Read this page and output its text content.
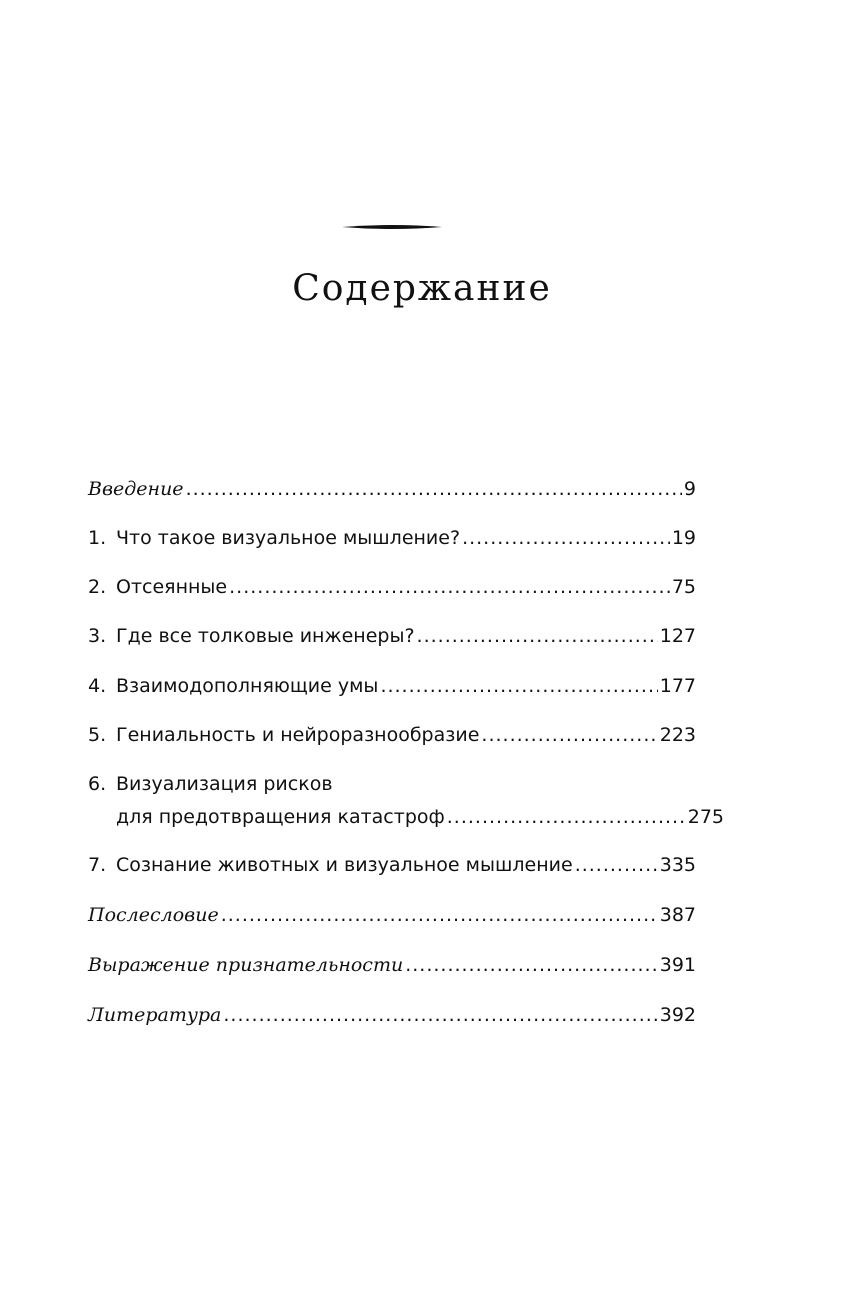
Содержание
Введение .....	9
1. Что такое визуальное мышление? .....	19
2. Отсеянные .....	75
3. Где все толковые инженеры? .....	127
4. Взаимодополняющие умы .....	177
5. Гениальность и нейроразнообразие .....	223
6. Визуализация рисков
для предотвращения катастроф .....	275
7. Сознание животных и визуальное мышление .....	335
Послесловие .....	387
Выражение признательности .....	391
Литература .....	392
